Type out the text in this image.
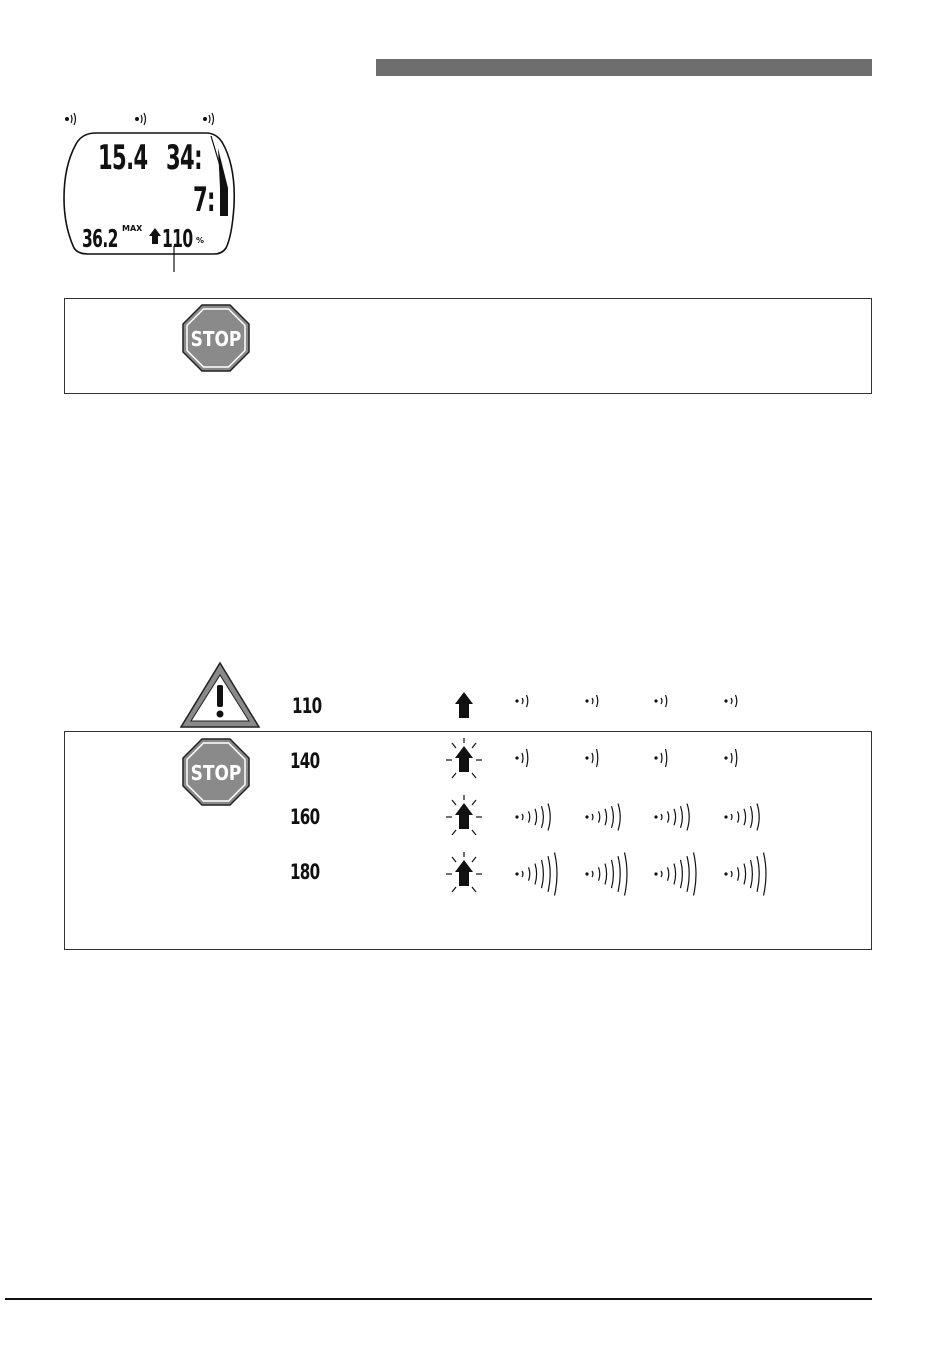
15.4 34:
7:
36.2 MAX 110 %
STOP
110
STOP
140
160
180
